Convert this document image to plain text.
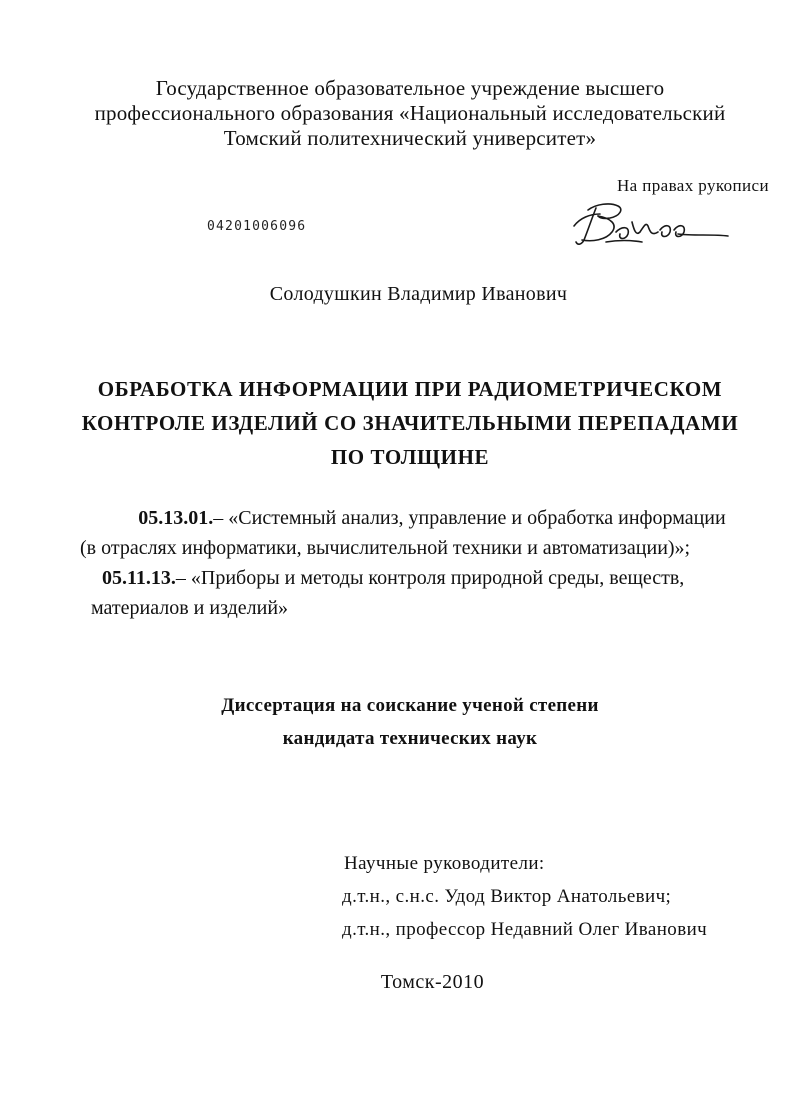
Государственное образовательное учреждение высшего
профессионального образования «Национальный исследовательский
Томский политехнический университет»
На правах рукописи
04201006096
Солодушкин Владимир Иванович
ОБРАБОТКА ИНФОРМАЦИИ ПРИ РАДИОМЕТРИЧЕСКОМ
КОНТРОЛЕ ИЗДЕЛИЙ СО ЗНАЧИТЕЛЬНЫМИ ПЕРЕПАДАМИ
ПО ТОЛЩИНЕ
05.13.01.– «Системный анализ, управление и обработка информации
(в отраслях информатики, вычислительной техники и автоматизации)»;
05.11.13.– «Приборы и методы контроля природной среды, веществ,
материалов и изделий»
Диссертация на соискание ученой степени
кандидата технических наук
Научные руководители:
д.т.н., с.н.с. Удод Виктор Анатольевич;
д.т.н., профессор Недавний Олег Иванович
Томск-2010
